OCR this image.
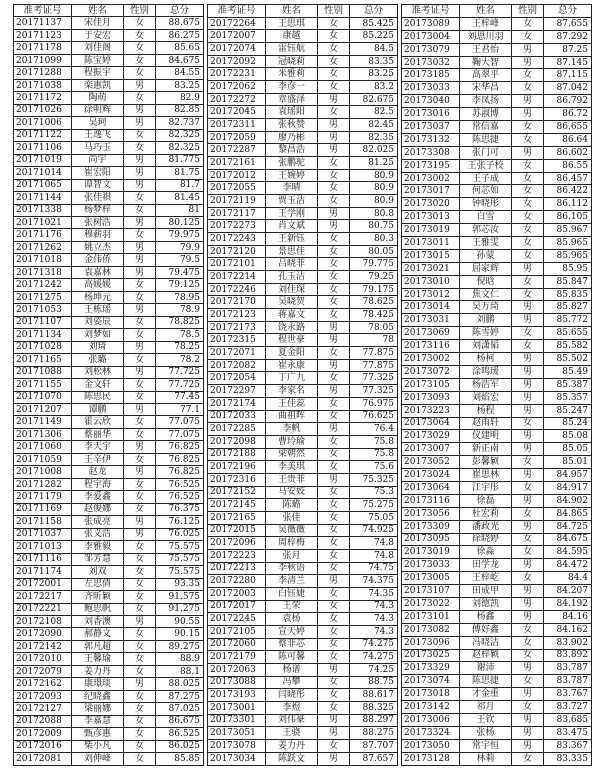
准考证号	姓名	性别	总分
20171137	宋佳月	女	88.675
20171123	于安宏	女	86.275
20171178	刘佳阁	女	85.65
20171099	陈宝婷	女	84.675
20171288	程振宇	女	84.55
20171038	栾惠凯	男	83.25
20171172	陶萌	女	82.9
20171026	徐明辉	男	82.85
20171006	吴珂	男	82.737
20171122	王逸飞	女	82.325
20171106	马巧玉	女	82.325
20171019	尚宇	男	81.775
20171014	崔宏阳	男	81.75
20171065	谭智文	男	81.7
20171144	张佳祺	女	81.45
20171338	杨梦梓	女	81
20171021	张树浩	男	80.125
20171176	穆薪羽	女	79.975
20171262	姚立杰	男	79.9
20171018	金伟侨	男	79.5
20171318	袁嘉林	男	79.475
20171242	高媛媛	女	79.125
20171275	杨坤元	女	78.95
20171053	王栋瑶	男	78.9
20171107	刘姿辰	女	78.825
20171134	刘梦如	女	78.5
20171028	刘琦	男	78.25
20171165	张璐	女	78.2
20171088	刘松林	男	77.725
20171155	金文轩	女	77.725
20171070	陈思民	女	77.45
20171207	谭鹏	男	77.1
20171149	霍云欣	女	77.075
20171306	蔡丽华	女	77.075
20171060	李天宇	男	76.825
20171059	王辛伊	女	76.825
20171008	赵龙	男	76.825
20171282	程宇海	女	76.525
20171179	李爱鑫	女	76.525
20171169	赵俊娜	女	76.375
20171158	张成亮	男	76.125
20171037	张义浩	男	76.025
20171013	李雅毅	女	75.575
20171116	邹芳慧	女	75.575
20171174	刘双	女	75.575
20172001	左思倩	女	93.35
20172217	齐昕颖	女	91.575
20172221	鲍思帆	女	91.275
20172108	刘香澳	男	90.55
20172090	郝静文	女	90.15
20172142	郭凡超	女	89.275
20172010	王馨瑜	女	88.9
20172079	姜力丹	女	88.1
20172162	康璟琰	男	88.025
20172093	纪晓鑫	女	87.275
20172127	梁丽娜	女	87.025
20172088	李嘉慧	女	86.675
20172009	甄彦惠	女	86.525
20172016	柴小凡	女	86.025
20172081	刘伸峰	女	85.85
准考证号	姓名	性别	总分
20172264	王思琪	女	85.425
20172007	康越	女	85.225
20172074	雷钰航	女	84.5
20172092	冠晓莉	女	83.35
20172231	米雅莉	女	83.25
20172062	李彦一	女	83.2
20172272	章盛泽	男	82.675
20172045	袁瑶阳	女	82.5
20172311	张秋赞	男	82.45
20172059	廖乃彬	男	82.35
20172287	黎昌浩	男	82.025
20172161	张鹏驼	女	81.25
20172012	王婉婷	女	80.9
20172055	李晴	女	80.9
20172119	贾玉洁	女	80.9
20172117	王学刚	男	80.8
20172273	肖文斌	男	80.75
20172243	王新钰	女	80.3
20172120	景思佳	女	80.05
20172101	吕晓菲	女	79.775
20172214	孔玉洁	女	79.25
20172246	刘佳琛	女	79.175
20172170	吴晓贺	女	78.625
20172123	蒋嘉文	女	78.425
20172173	饶永路	男	78.05
20172315	程世豪	男	78
20172071	夏金阳	女	77.875
20172082	崔永康	男	77.875
20172054	丁广九	女	77.325
20172297	李家名	男	77.325
20172174	王佳蕊	女	76.975
20172033	曲祖晖	女	76.625
20172285	李帆	男	76.4
20172098	曹玲瑜	女	75.8
20172188	梁朝然	女	75.8
20172196	李美琪	女	75.6
20172316	王贵菲	男	75.325
20172152	马安姣	女	75.3
20172145	陈璐	女	75.275
20172165	张佳	女	75.05
20172015	吴薇薇	女	74.925
20172096	周梓梅	女	74.8
20172223	张月	女	74.8
20172213	李秋语	女	74.75
20172280	李清兰	男	74.375
20172003	白钰婕	女	74.35
20172017	王荣	女	74.3
20172245	袁杨	女	74.3
20172105	宣天婷	女	74.3
20172060	蔡菲芯	女	74.275
20172179	陈可馨	女	74.275
20172063	杨谱	男	74.25
20173088	冯攀	女	88.75
20173193	闫晓彤	女	88.617
20173001	李煜	女	88.325
20173301	刘伟豪	男	88.297
20173051	王骁	男	88.275
20173078	姜力丹	女	87.707
20173034	陈跃文	男	87.657
准考证号	姓名	性别	总分
20173089	王梓峰	女	87.655
20173004	刘思川羽	女	87.292
20173079	王君怡	男	87.25
20173032	鞠大智	男	87.145
20173185	高翠平	女	87.115
20173033	宋华昌	女	87.042
20173040	李凤扬	男	86.792
20173016	苏淑博	男	86.72
20173037	常信嘉	女	86.655
20173132	陈思捷	女	86.64
20173308	张门可	男	86.602
20173195	王张子校	女	86.55
20173002	王子成	女	86.457
20173017	何芯如	女	86.422
20173020	钟晓彤	女	86.112
20173013	白雪	女	86.105
20173019	郭芯汝	女	85.967
20173011	王雅雯	女	85.965
20173015	孙蒙	女	85.965
20173021	屈家辉	男	85.95
20173010	倪晗	女	85.847
20173012	焦文仁	女	85.835
20173014	吴万琦	男	85.827
20173031	刘鹏	男	85.772
20173069	陈雪婷	女	85.655
20173116	刘潇韬	女	85.582
20173002	杨柯	男	85.502
20173072	涂鸣瑷	男	85.49
20173105	杨浩军	男	85.387
20173093	刘焰宏	男	85.357
20173223	杨程	男	85.247
20173064	赵雨轩	女	85.24
20173029	仪建明	男	85.08
20173007	新正南	男	85.05
20173052	彭馨颖	女	85.01
20173024	崔思林	男	84.957
20173064	江宇彤	女	84.917
20173116	徐磊	男	84.902
20173056	杜宏莉	女	84.865
20173309	潘政光	男	84.725
20173095	徐晓婷	女	84.675
20173019	徐淼	女	84.595
20173033	田学龙	男	84.472
20173005	王梓屹	女	84.4
20173107	田成甲	男	84.207
20173022	刘德凯	男	84.192
20173101	杨鑫	男	84.16
20173082	傅好鑫	女	84.162
20173096	冯晓洁	女	83.902
20173025	赵梓颖	女	83.892
20173329	谢沛	男	83.787
20173074	陈思捷	女	83.787
20173018	才金重	男	83.767
20173142	祁月	女	83.727
20173006	王钦	男	83.685
20173324	张杨	男	83.475
20173050	常宇恒	男	83.367
20173128	林莉	女	83.335
